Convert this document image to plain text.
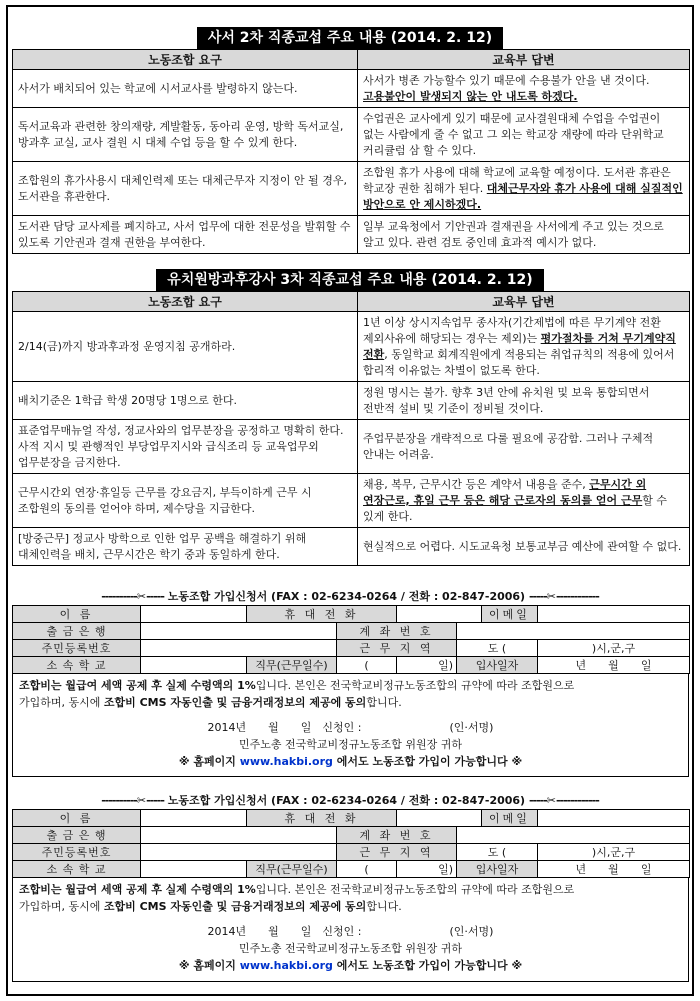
사서 2차 직종교섭 주요 내용 (2014. 2. 12)
노동조합 요구	교육부 답변
사서가 배치되어 있는 학교에 시서교사를 발령하지 않는다.	사서가 병존 가능할수 있기 때문에 수용불가 안을 낸 것이다. 고용불안이 발생되지 않는 안 내도록 하겠다.
독서교육과 관련한 창의재량, 계발활동, 동아리 운영, 방학 독서교실, 방과후 교실, 교사 결원 시 대체 수업 등을 할 수 있게 한다.	수업권은 교사에게 있기 때문에 교사결원대체 수업을 수업권이 없는 사람에게 줄 수 없고 그 외는 학교장 재량에 따라 단위학교 커리큘럼 삼 할 수 있다.
조합원의 휴가사용시 대체인력제 또는 대체근무자 지정이 안 될 경우, 도서관을 휴관한다.	조합원 휴가 사용에 대해 학교에 교육할 예정이다. 도서관 휴관은 학교장 권한 침해가 된다. 대체근무자와 휴가 사용에 대해 실질적인 방안으로 안 제시하겠다.
도서관 담당 교사제를 폐지하고, 사서 업무에 대한 전문성을 발휘할 수 있도록 기안권과 결재 권한을 부여한다.	일부 교육청에서 기안권과 결재권을 사서에게 주고 있는 것으로 알고 있다. 관련 검토 중인데 효과적 예시가 없다.
유치원방과후강사 3차 직종교섭 주요 내용 (2014. 2. 12)
노동조합 요구	교육부 답변
2/14(금)까지 방과후과정 운영지침 공개하라.	1년 이상 상시지속업무 종사자(기간제법에 따른 무기계약 전환 제외사유에 해당되는 경우는 제외)는 평가절차를 거쳐 무기계약직 전환, 동일학교 회계직원에게 적용되는 취업규칙의 적용에 있어서 합리적 이유없는 차별이 없도록 한다.
배치기준은 1학급 학생 20명당 1명으로 한다.	정원 명시는 불가. 향후 3년 안에 유치원 및 보육 통합되면서 전반적 설비 및 기준이 정비될 것이다.
표준업무매뉴얼 작성, 정교사와의 업무분장을 공정하고 명확히 한다. 사적 지시 및 관행적인 부당업무지시와 급식조리 등 교육업무외 업무분장을 금지한다.	주업무분장을 개략적으로 다룰 필요에 공감함. 그러나 구체적 안내는 어려움.
근무시간외 연장·휴일등 근무를 강요금지, 부득이하게 근무 시 조합원의 동의를 얻어야 하며, 제수당을 지급한다.	채용, 복무, 근무시간 등은 계약서 내용을 준수, 근무시간 외 연장근로, 휴일 근무 등은 해당 근로자의 동의를 얻어 근무할 수 있게 한다.
[방중근무] 정교사 방학으로 인한 업무 공백을 해결하기 위해 대체인력을 배치, 근무시간은 학기 중과 동일하게 한다.	현실적으로 어렵다. 시도교육청 보통교부금 예산에 관여할 수 없다.
----------✂----- 노동조합 가입신청서 (FAX : 02-6234-0264 / 전화 : 02-847-2006) -----✂------------
이 름		휴 대 전 화				이메일	
출 금 은 행			계 좌 번 호				
주민등록번호			근 무 지 역		도 (		)시,군,구
소 속 학 교		직무(근무일수)	(	일)	입사일자		년　　 월　　 일

조합비는 월급여 세액 공제 후 실제 수령액의 1%입니다. 본인은 전국학교비정규노동조합의 규약에 따라 조합원으로

가입하며, 동시에 조합비 CMS 자동인출 및 금융거래정보의 제공에 동의합니다.

2014년　　월　　일　신청인 :　　　　　　　　(인·서명)

민주노총 전국학교비정규노동조합 위원장 귀하

※ 홈페이지 www.hakbi.org 에서도 노동조합 가입이 가능합니다 ※

----------✂----- 노동조합 가입신청서 (FAX : 02-6234-0264 / 전화 : 02-847-2006) -----✂------------
이 름		휴 대 전 화				이메일	
출 금 은 행			계 좌 번 호				
주민등록번호			근 무 지 역		도 (		)시,군,구
소 속 학 교		직무(근무일수)	(	일)	입사일자		년　　 월　　 일

조합비는 월급여 세액 공제 후 실제 수령액의 1%입니다. 본인은 전국학교비정규노동조합의 규약에 따라 조합원으로

가입하며, 동시에 조합비 CMS 자동인출 및 금융거래정보의 제공에 동의합니다.

2014년　　월　　일　신청인 :　　　　　　　　(인·서명)

민주노총 전국학교비정규노동조합 위원장 귀하

※ 홈페이지 www.hakbi.org 에서도 노동조합 가입이 가능합니다 ※
